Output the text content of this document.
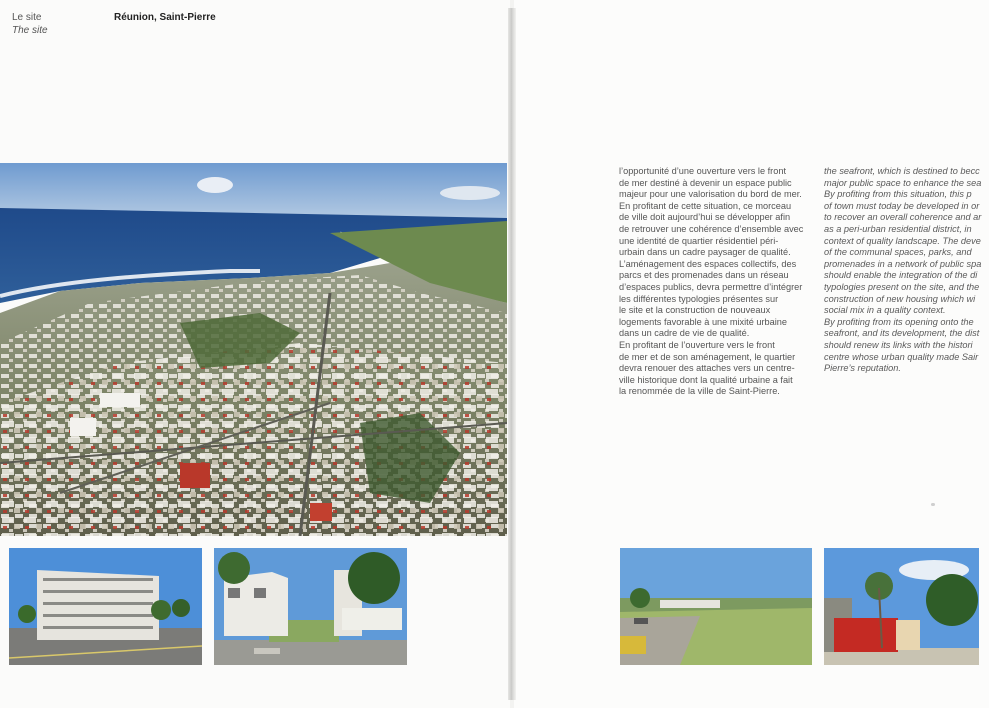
Le site
The site
Réunion, Saint-Pierre

l’opportunité d’une ouverture vers le front
de mer destiné à devenir un espace public
majeur pour une valorisation du bord de mer.
En profitant de cette situation, ce morceau
de ville doit aujourd’hui se développer afin
de retrouver une cohérence d’ensemble avec
une identité de quartier résidentiel péri-
urbain dans un cadre paysager de qualité.
L’aménagement des espaces collectifs, des
parcs et des promenades dans un réseau
d’espaces publics, devra permettre d’intégrer
les différentes typologies présentes sur
le site et la construction de nouveaux
logements favorable à une mixité urbaine
dans un cadre de vie de qualité.
En profitant de l’ouverture vers le front
de mer et de son aménagement, le quartier
devra renouer des attaches vers un centre-
ville historique dont la qualité urbaine a fait
la renommée de la ville de Saint-Pierre.

the seafront, which is destined to becc
major public space to enhance the sea
By profiting from this situation, this p
of town must today be developed in or
to recover an overall coherence and ar
as a peri-urban residential district, in
context of quality landscape. The deve
of the communal spaces, parks, and
promenades in a network of public spa
should enable the integration of the di
typologies present on the site, and the
construction of new housing which wi
social mix in a quality context.
By profiting from its opening onto the
seafront, and its development, the dist
should renew its links with the histori
centre whose urban quality made Sair
Pierre’s reputation.
